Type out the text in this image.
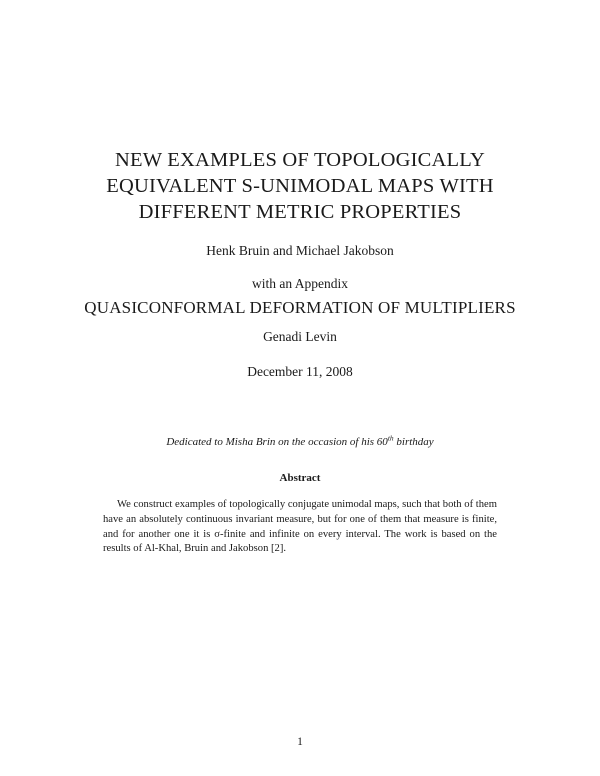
NEW EXAMPLES OF TOPOLOGICALLY
EQUIVALENT S-UNIMODAL MAPS WITH
DIFFERENT METRIC PROPERTIES
Henk Bruin and Michael Jakobson
with an Appendix
QUASICONFORMAL DEFORMATION OF MULTIPLIERS
Genadi Levin
December 11, 2008
Dedicated to Misha Brin on the occasion of his 60th birthday
Abstract
We construct examples of topologically conjugate unimodal maps, such that both of them have an absolutely continuous invariant measure, but for one of them that measure is finite, and for another one it is σ-finite and infinite on every interval. The work is based on the results of Al-Khal, Bruin and Jakobson [2].
1
